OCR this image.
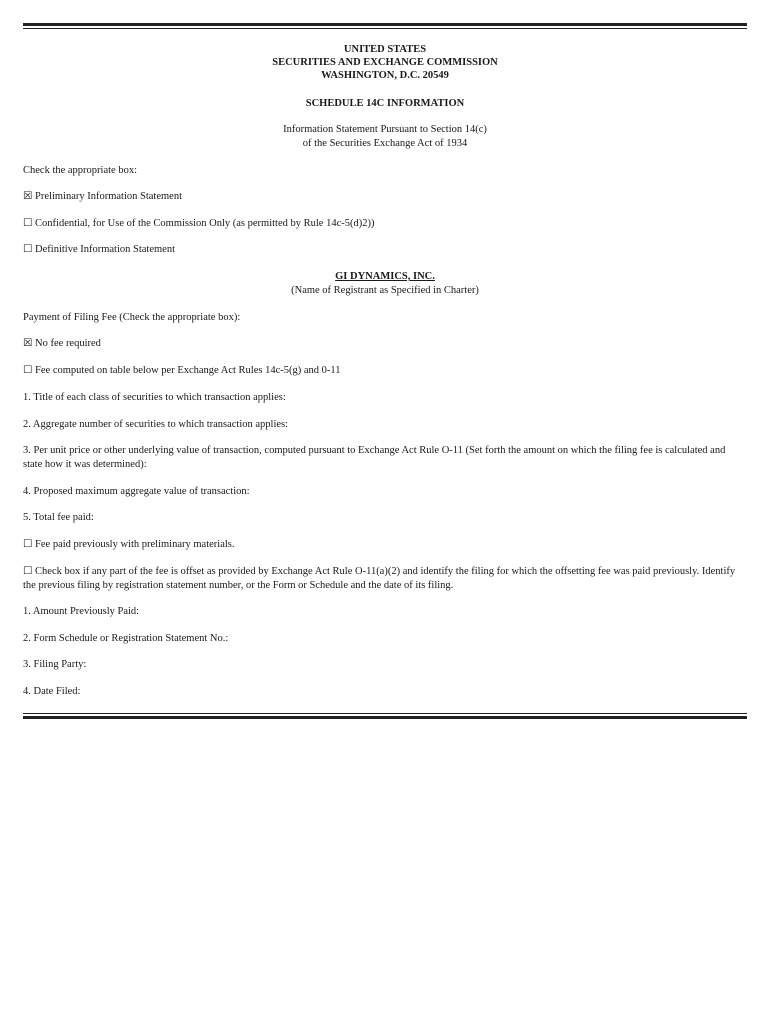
UNITED STATES
SECURITIES AND EXCHANGE COMMISSION
WASHINGTON, D.C. 20549
SCHEDULE 14C INFORMATION
Information Statement Pursuant to Section 14(c)
of the Securities Exchange Act of 1934
Check the appropriate box:
☒ Preliminary Information Statement
☐ Confidential, for Use of the Commission Only (as permitted by Rule 14c-5(d)2))
☐ Definitive Information Statement
GI DYNAMICS, INC.
(Name of Registrant as Specified in Charter)
Payment of Filing Fee (Check the appropriate box):
☒ No fee required
☐ Fee computed on table below per Exchange Act Rules 14c-5(g) and 0-11
1. Title of each class of securities to which transaction applies:
2. Aggregate number of securities to which transaction applies:
3. Per unit price or other underlying value of transaction, computed pursuant to Exchange Act Rule O-11 (Set forth the amount on which the filing fee is calculated and state how it was determined):
4. Proposed maximum aggregate value of transaction:
5. Total fee paid:
☐ Fee paid previously with preliminary materials.
☐ Check box if any part of the fee is offset as provided by Exchange Act Rule O-11(a)(2) and identify the filing for which the offsetting fee was paid previously. Identify the previous filing by registration statement number, or the Form or Schedule and the date of its filing.
1. Amount Previously Paid:
2. Form Schedule or Registration Statement No.:
3. Filing Party:
4. Date Filed:
